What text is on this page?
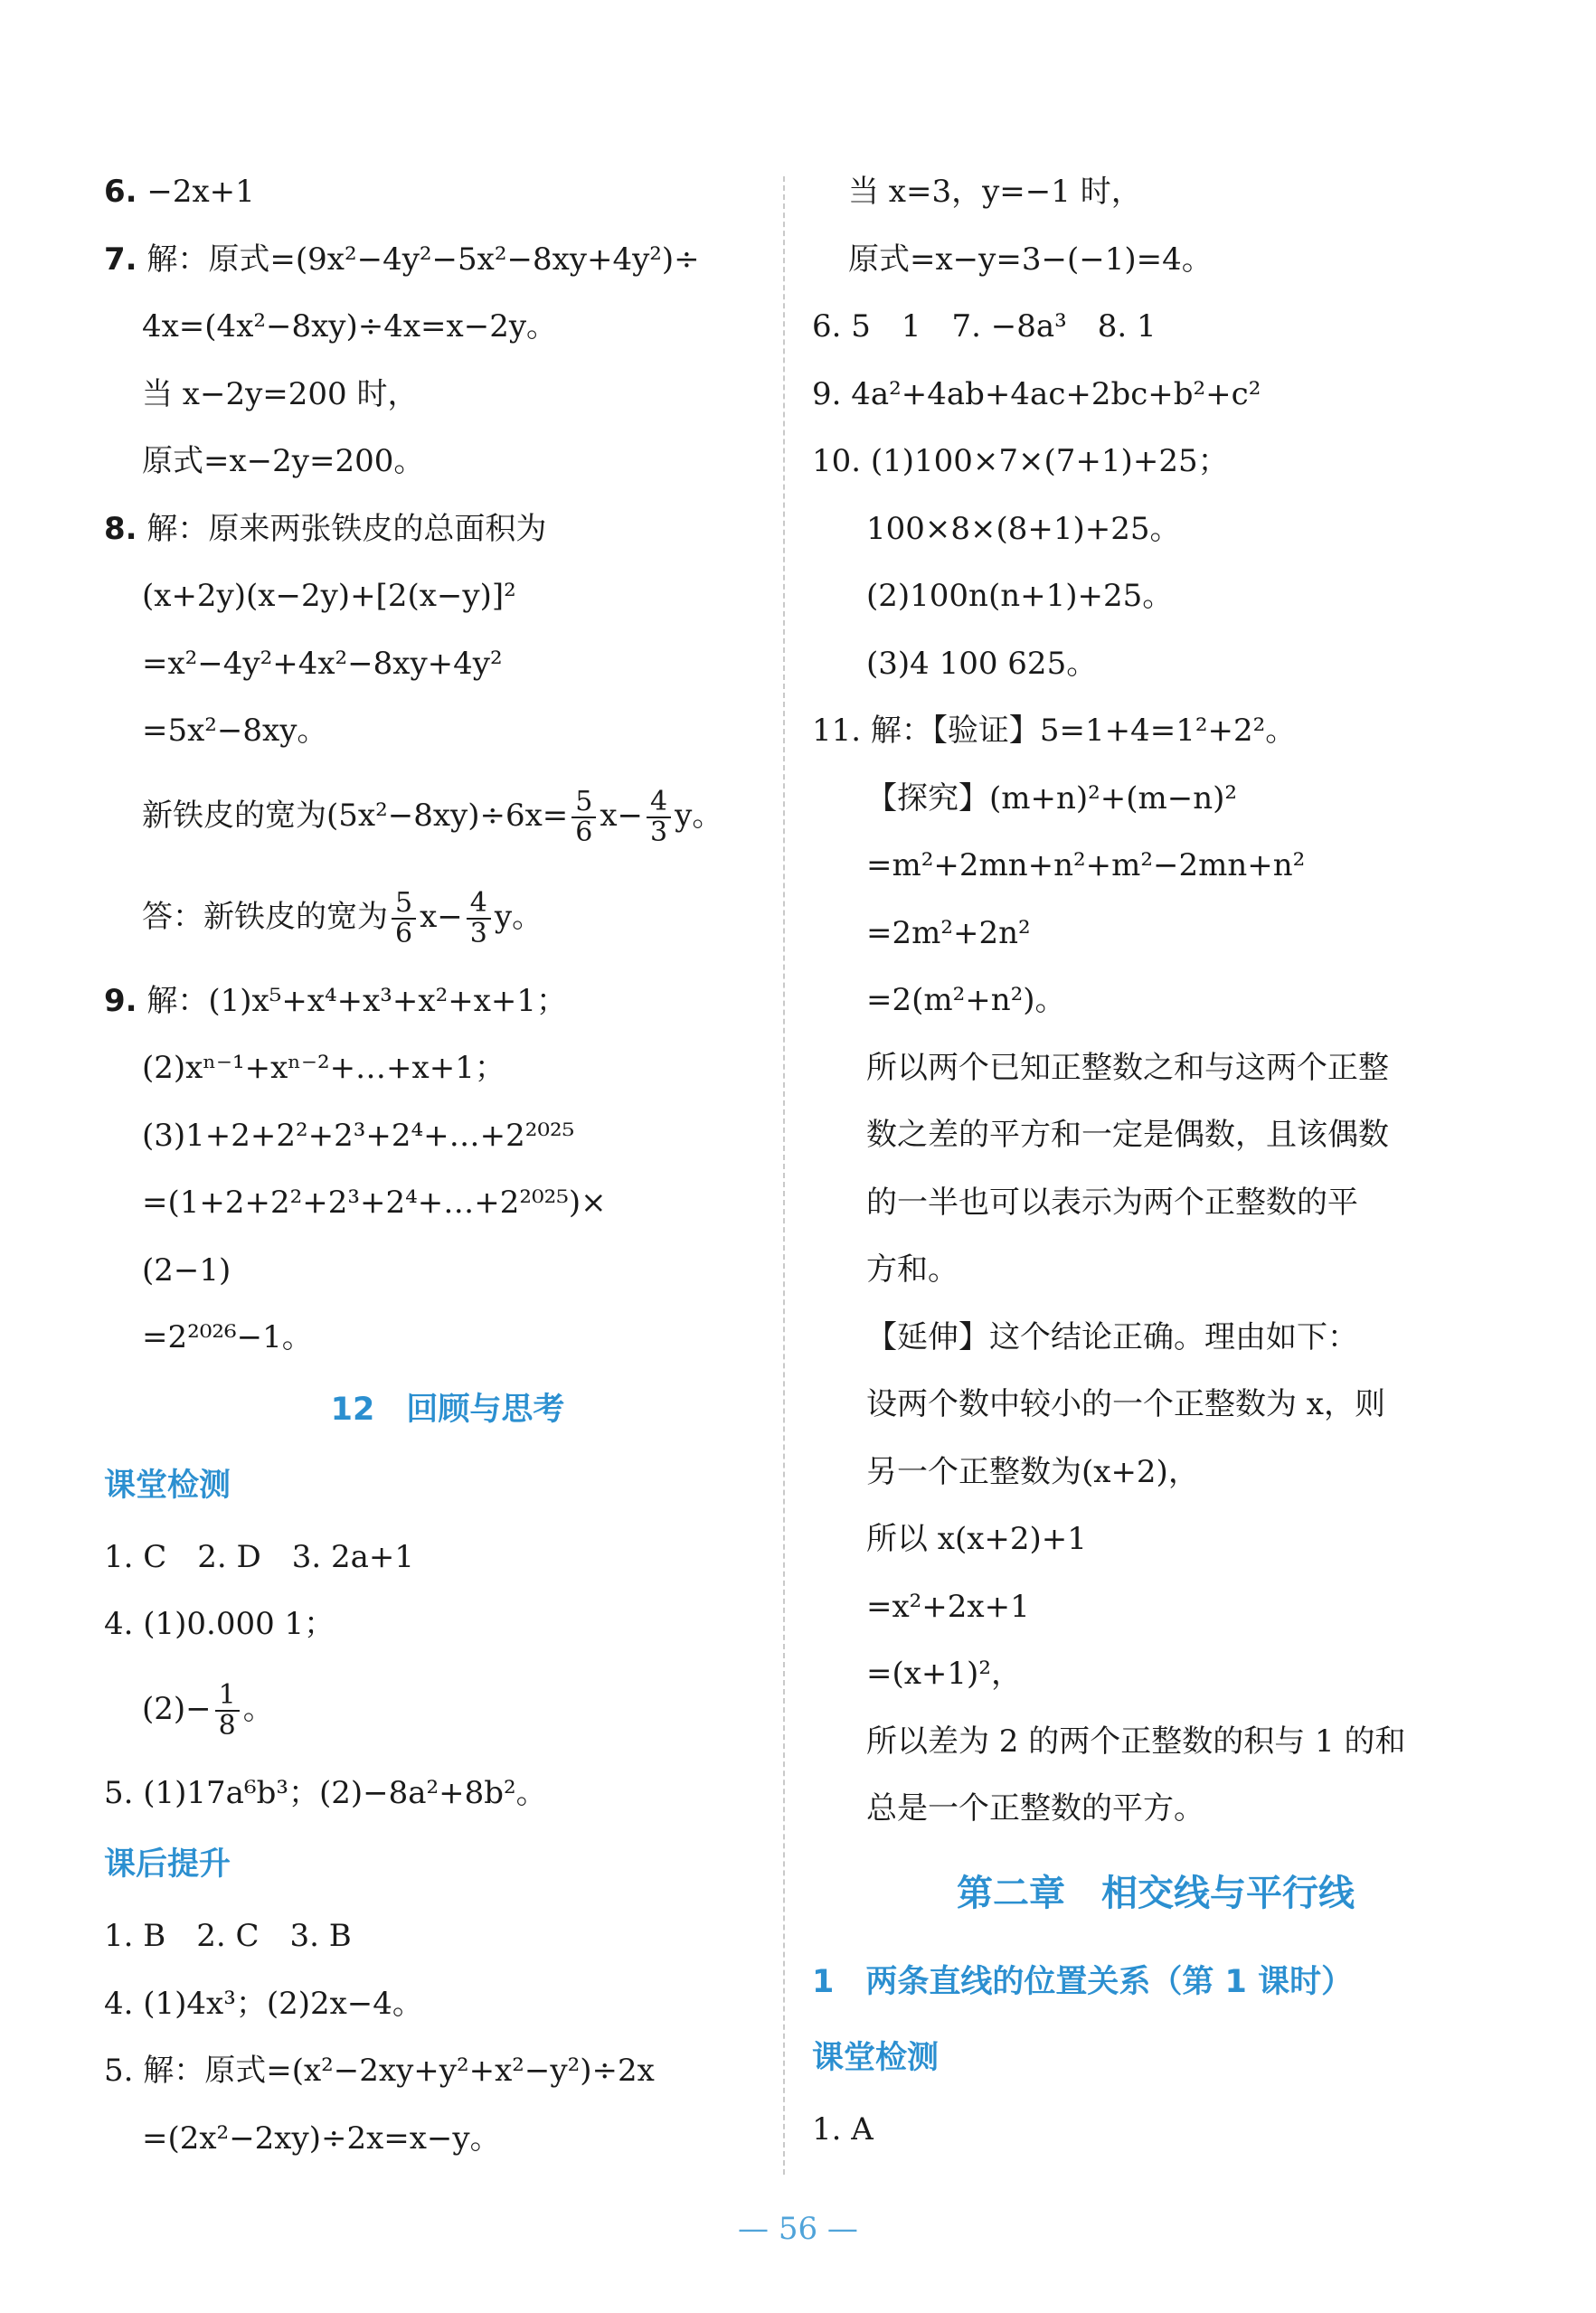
6. −2x+1
7. 解：原式=(9x²−4y²−5x²−8xy+4y²)÷
4x=(4x²−8xy)÷4x=x−2y。
当 x−2y=200 时，
原式=x−2y=200。
8. 解：原来两张铁皮的总面积为
(x+2y)(x−2y)+[2(x−y)]²
=x²−4y²+4x²−8xy+4y²
=5x²−8xy。
新铁皮的宽为$(5x^2-8xy)\div 6x= \frac{5}{6} x- \frac{4}{3}$ y。
答：新铁皮的宽为 $\frac{5}{6} x- \frac{4}{3}$ y。
9. 解：(1)x⁵+x⁴+x³+x²+x+1；
(2)xⁿ⁻¹+xⁿ⁻²+…+x+1；
(3)1+2+2²+2³+2⁴+…+2²⁰²⁵
=(1+2+2²+2³+2⁴+…+2²⁰²⁵)×
(2−1)
=2²⁰²⁶−1。
12　回顾与思考
课堂检测
1. C　2. D　3. 2a+1
4. (1)0.000 1；
$(2)- \frac{1}{8}$ 。
5. (1)17a⁶b³；(2)−8a²+8b²。
课后提升
1. B　2. C　3. B
4. (1)4x³；(2)2x−4。
5. 解：原式=(x²−2xy+y²+x²−y²)÷2x
=(2x²−2xy)÷2x=x−y。
当 x=3，y=−1 时，
原式=x−y=3−(−1)=4。
6. 5　1　7. −8a³　8. 1
9. 4a²+4ab+4ac+2bc+b²+c²
10. (1)100×7×(7+1)+25；
100×8×(8+1)+25。
(2)100n(n+1)+25。
(3)4 100 625。
11. 解：【验证】5=1+4=1²+2²。
【探究】(m+n)²+(m−n)²
=m²+2mn+n²+m²−2mn+n²
=2m²+2n²
=2(m²+n²)。
所以两个已知正整数之和与这两个正整
数之差的平方和一定是偶数，且该偶数
的一半也可以表示为两个正整数的平
方和。
【延伸】这个结论正确。理由如下：
设两个数中较小的一个正整数为 x，则
另一个正整数为(x+2)，
所以 x(x+2)+1
=x²+2x+1
=(x+1)²，
所以差为 2 的两个正整数的积与 1 的和
总是一个正整数的平方。
第二章　相交线与平行线
1　两条直线的位置关系（第 1 课时）
课堂检测
1. A
— 56 —
